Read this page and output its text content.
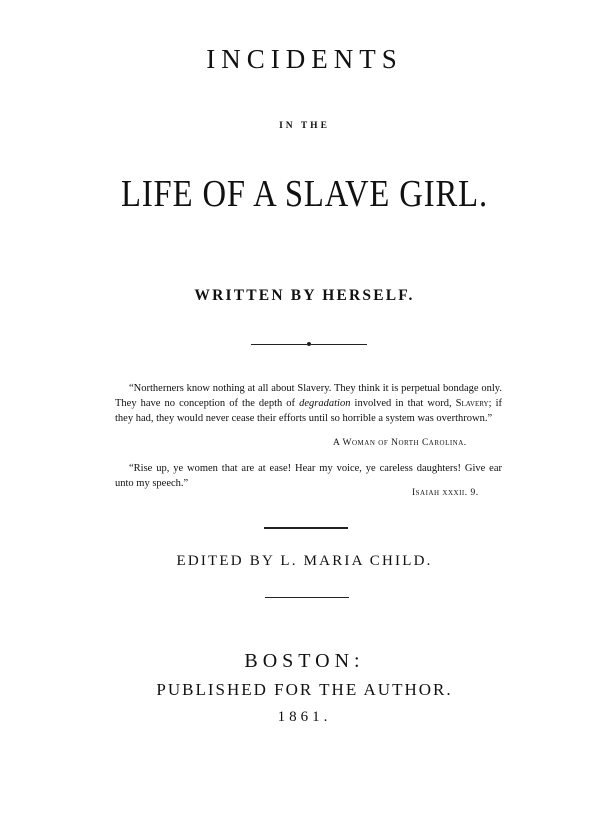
INCIDENTS
IN THE
LIFE OF A SLAVE GIRL.
WRITTEN BY HERSELF.
“Northerners know nothing at all about Slavery. They think it is perpetual bondage only. They have no conception of the depth of degradation involved in that word, Slavery; if they had, they would never cease their efforts until so horrible a system was overthrown.”
A Woman of North Carolina.
“Rise up, ye women that are at ease! Hear my voice, ye careless daughters! Give ear unto my speech.”
Isaiah xxxii. 9.
EDITED BY L. MARIA CHILD.
BOSTON:
PUBLISHED FOR THE AUTHOR.
1861.
